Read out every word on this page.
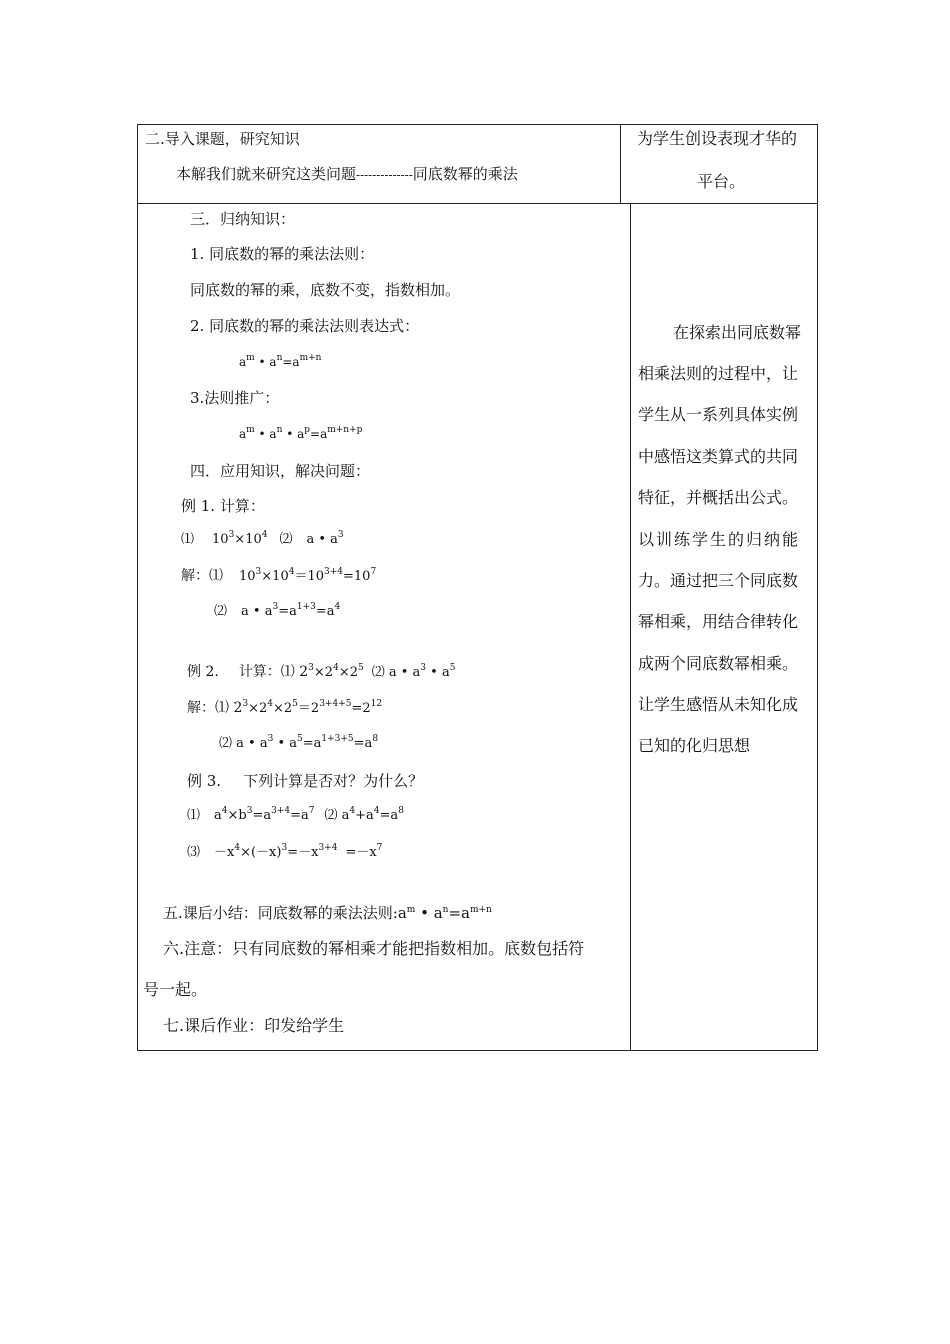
二.导入课题，研究知识
本解我们就来研究这类问题--------------同底数幂的乘法
为学生创设表现才华的
平台。
三．归纳知识：
1. 同底数的幂的乘法法则：
同底数的幂的乘，底数不变，指数相加。
2. 同底数的幂的乘法法则表达式：
$a^m$ • $a^n=a^{m+n}$
3.法则推广：
$a^m$ • $a^n$ • $a^p=a^{m+n+p}$
四．应用知识，解决问题：
例 1. 计算：
⑴ $10^3\times 10^4$ ⑵ a • $a^3$
解：⑴ $10^3\times 10^4=10^{3+4}=10^7$
⑵ a • $a^3=a^{1+3}=a^4$
例 2. 计算：⑴ $2^3\times 2^4\times 2^5$ ⑵ a • $a^3$ • $a^5$
解：⑴ $2^3\times 2^4\times 2^5=2^{3+4+5}=2^{12}$
⑵ a • $a^3$ • $a^5=a^{1+3+5}=a^8$
例 3. 下列计算是否对？为什么？
⑴ $a^4\times b^3=a^{3+4}=a^7$ ⑵ $a^4+a^4=a^8$
⑶ $-x^4\times(-x)^3=-x^{3+4} =-x^7$
五.课后小结：同底数幂的乘法法则$:a^m$ • $a^n=a^{m+n}$
六.注意：只有同底数的幂相乘才能把指数相加。底数包括符
号一起。
七.课后作业：印发给学生
在探索出同底数幂
相乘法则的过程中，让
学生从一系列具体实例
中感悟这类算式的共同
特征，并概括出公式。
以训练学生的归纳能
力。通过把三个同底数
幂相乘，用结合律转化
成两个同底数幂相乘。
让学生感悟从未知化成
已知的化归思想
